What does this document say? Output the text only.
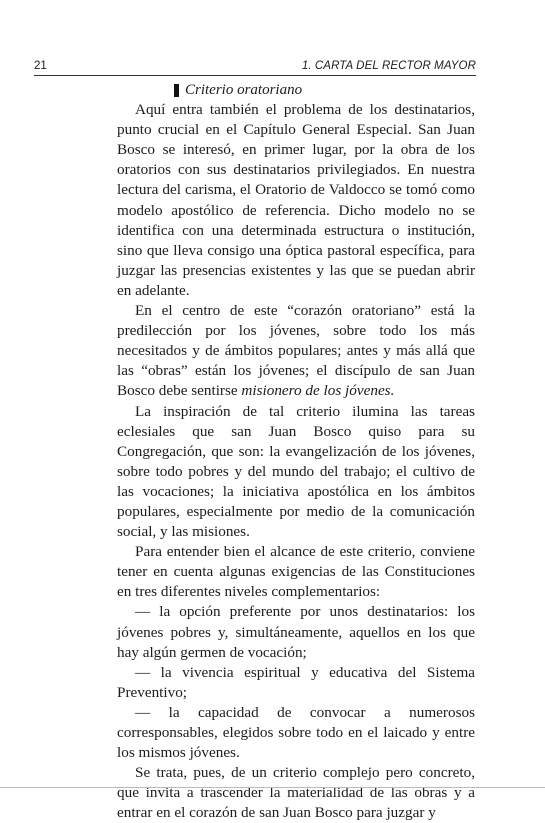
21	1. CARTA DEL RECTOR MAYOR

Criterio oratoriano

Aquí entra también el problema de los destinatarios, punto crucial en el Capítulo General Especial. San Juan Bosco se interesó, en primer lugar, por la obra de los oratorios con sus destinatarios privilegiados. En nuestra lectura del carisma, el Oratorio de Valdocco se tomó como modelo apostólico de referencia. Dicho modelo no se identifica con una determinada estructura o institución, sino que lleva consigo una óptica pastoral específica, para juzgar las presencias existentes y las que se puedan abrir en adelante.

En el centro de este “corazón oratoriano” está la predilección por los jóvenes, sobre todo los más necesitados y de ámbitos populares; antes y más allá que las “obras” están los jóvenes; el discípulo de san Juan Bosco debe sentirse misionero de los jóvenes.

La inspiración de tal criterio ilumina las tareas eclesiales que san Juan Bosco quiso para su Congregación, que son: la evangelización de los jóvenes, sobre todo pobres y del mundo del trabajo; el cultivo de las vocaciones; la iniciativa apostólica en los ámbitos populares, especialmente por medio de la comunicación social, y las misiones.

Para entender bien el alcance de este criterio, conviene tener en cuenta algunas exigencias de las Constituciones en tres diferentes niveles complementarios:

— la opción preferente por unos destinatarios: los jóvenes pobres y, simultáneamente, aquellos en los que hay algún germen de vocación;

— la vivencia espiritual y educativa del Sistema Preventivo;

— la capacidad de convocar a numerosos corresponsables, elegidos sobre todo en el laicado y entre los mismos jóvenes.

Se trata, pues, de un criterio complejo pero concreto, que invita a trascender la materialidad de las obras y a entrar en el corazón de san Juan Bosco para juzgar y
